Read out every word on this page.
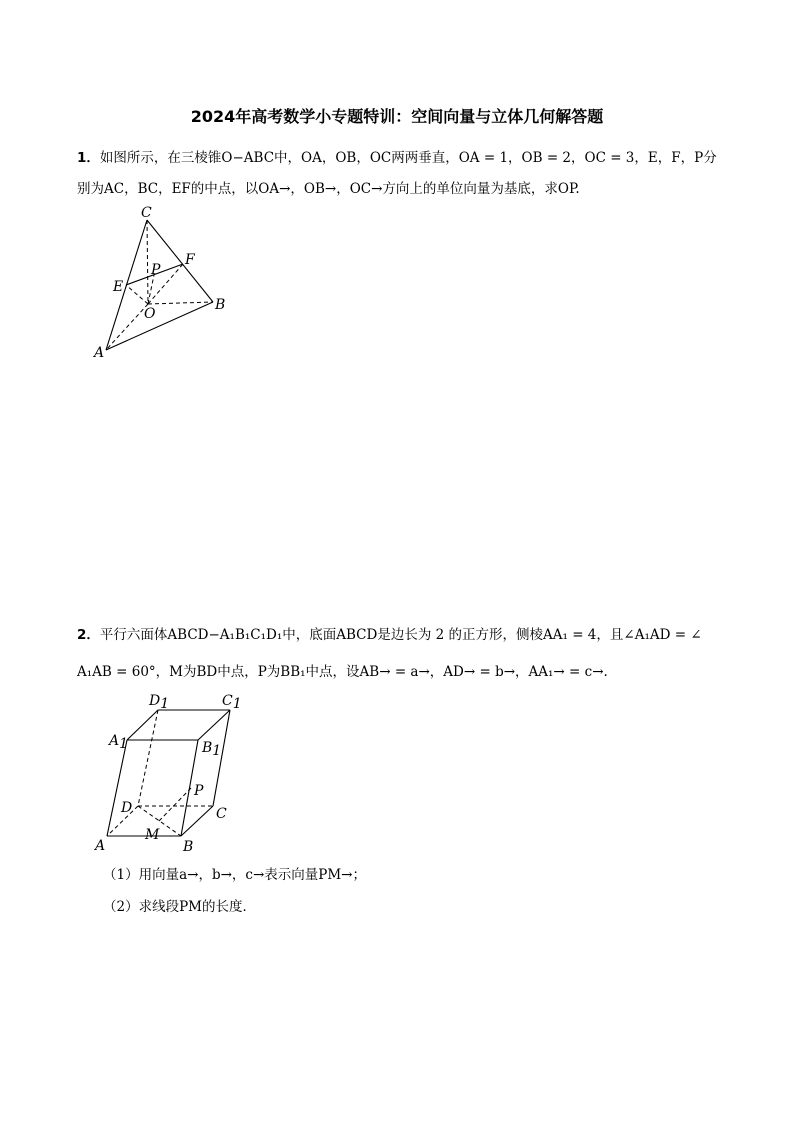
2024年高考数学小专题特训：空间向量与立体几何解答题
1．如图所示，在三棱锥O−ABC中，OA，OB，OC两两垂直，OA = 1，OB = 2，OC = 3，E，F，P分
别为AC，BC，EF的中点，以OA→，OB→，OC→方向上的单位向量为基底，求OP.
C
F
P
E
B
O
A
2．平行六面体ABCD−A₁B₁C₁D₁中，底面ABCD是边长为 2 的正方形，侧棱AA₁ = 4，且∠A₁AD = ∠
A₁AB = 60°，M为BD中点，P为BB₁中点，设AB→ = a→，AD→ = b→，AA₁→ = c→.
D1	C1
A1	B1
P
D	C
M
A	B
（1）用向量a→，b→，c→表示向量PM→；
（2）求线段PM的长度．
